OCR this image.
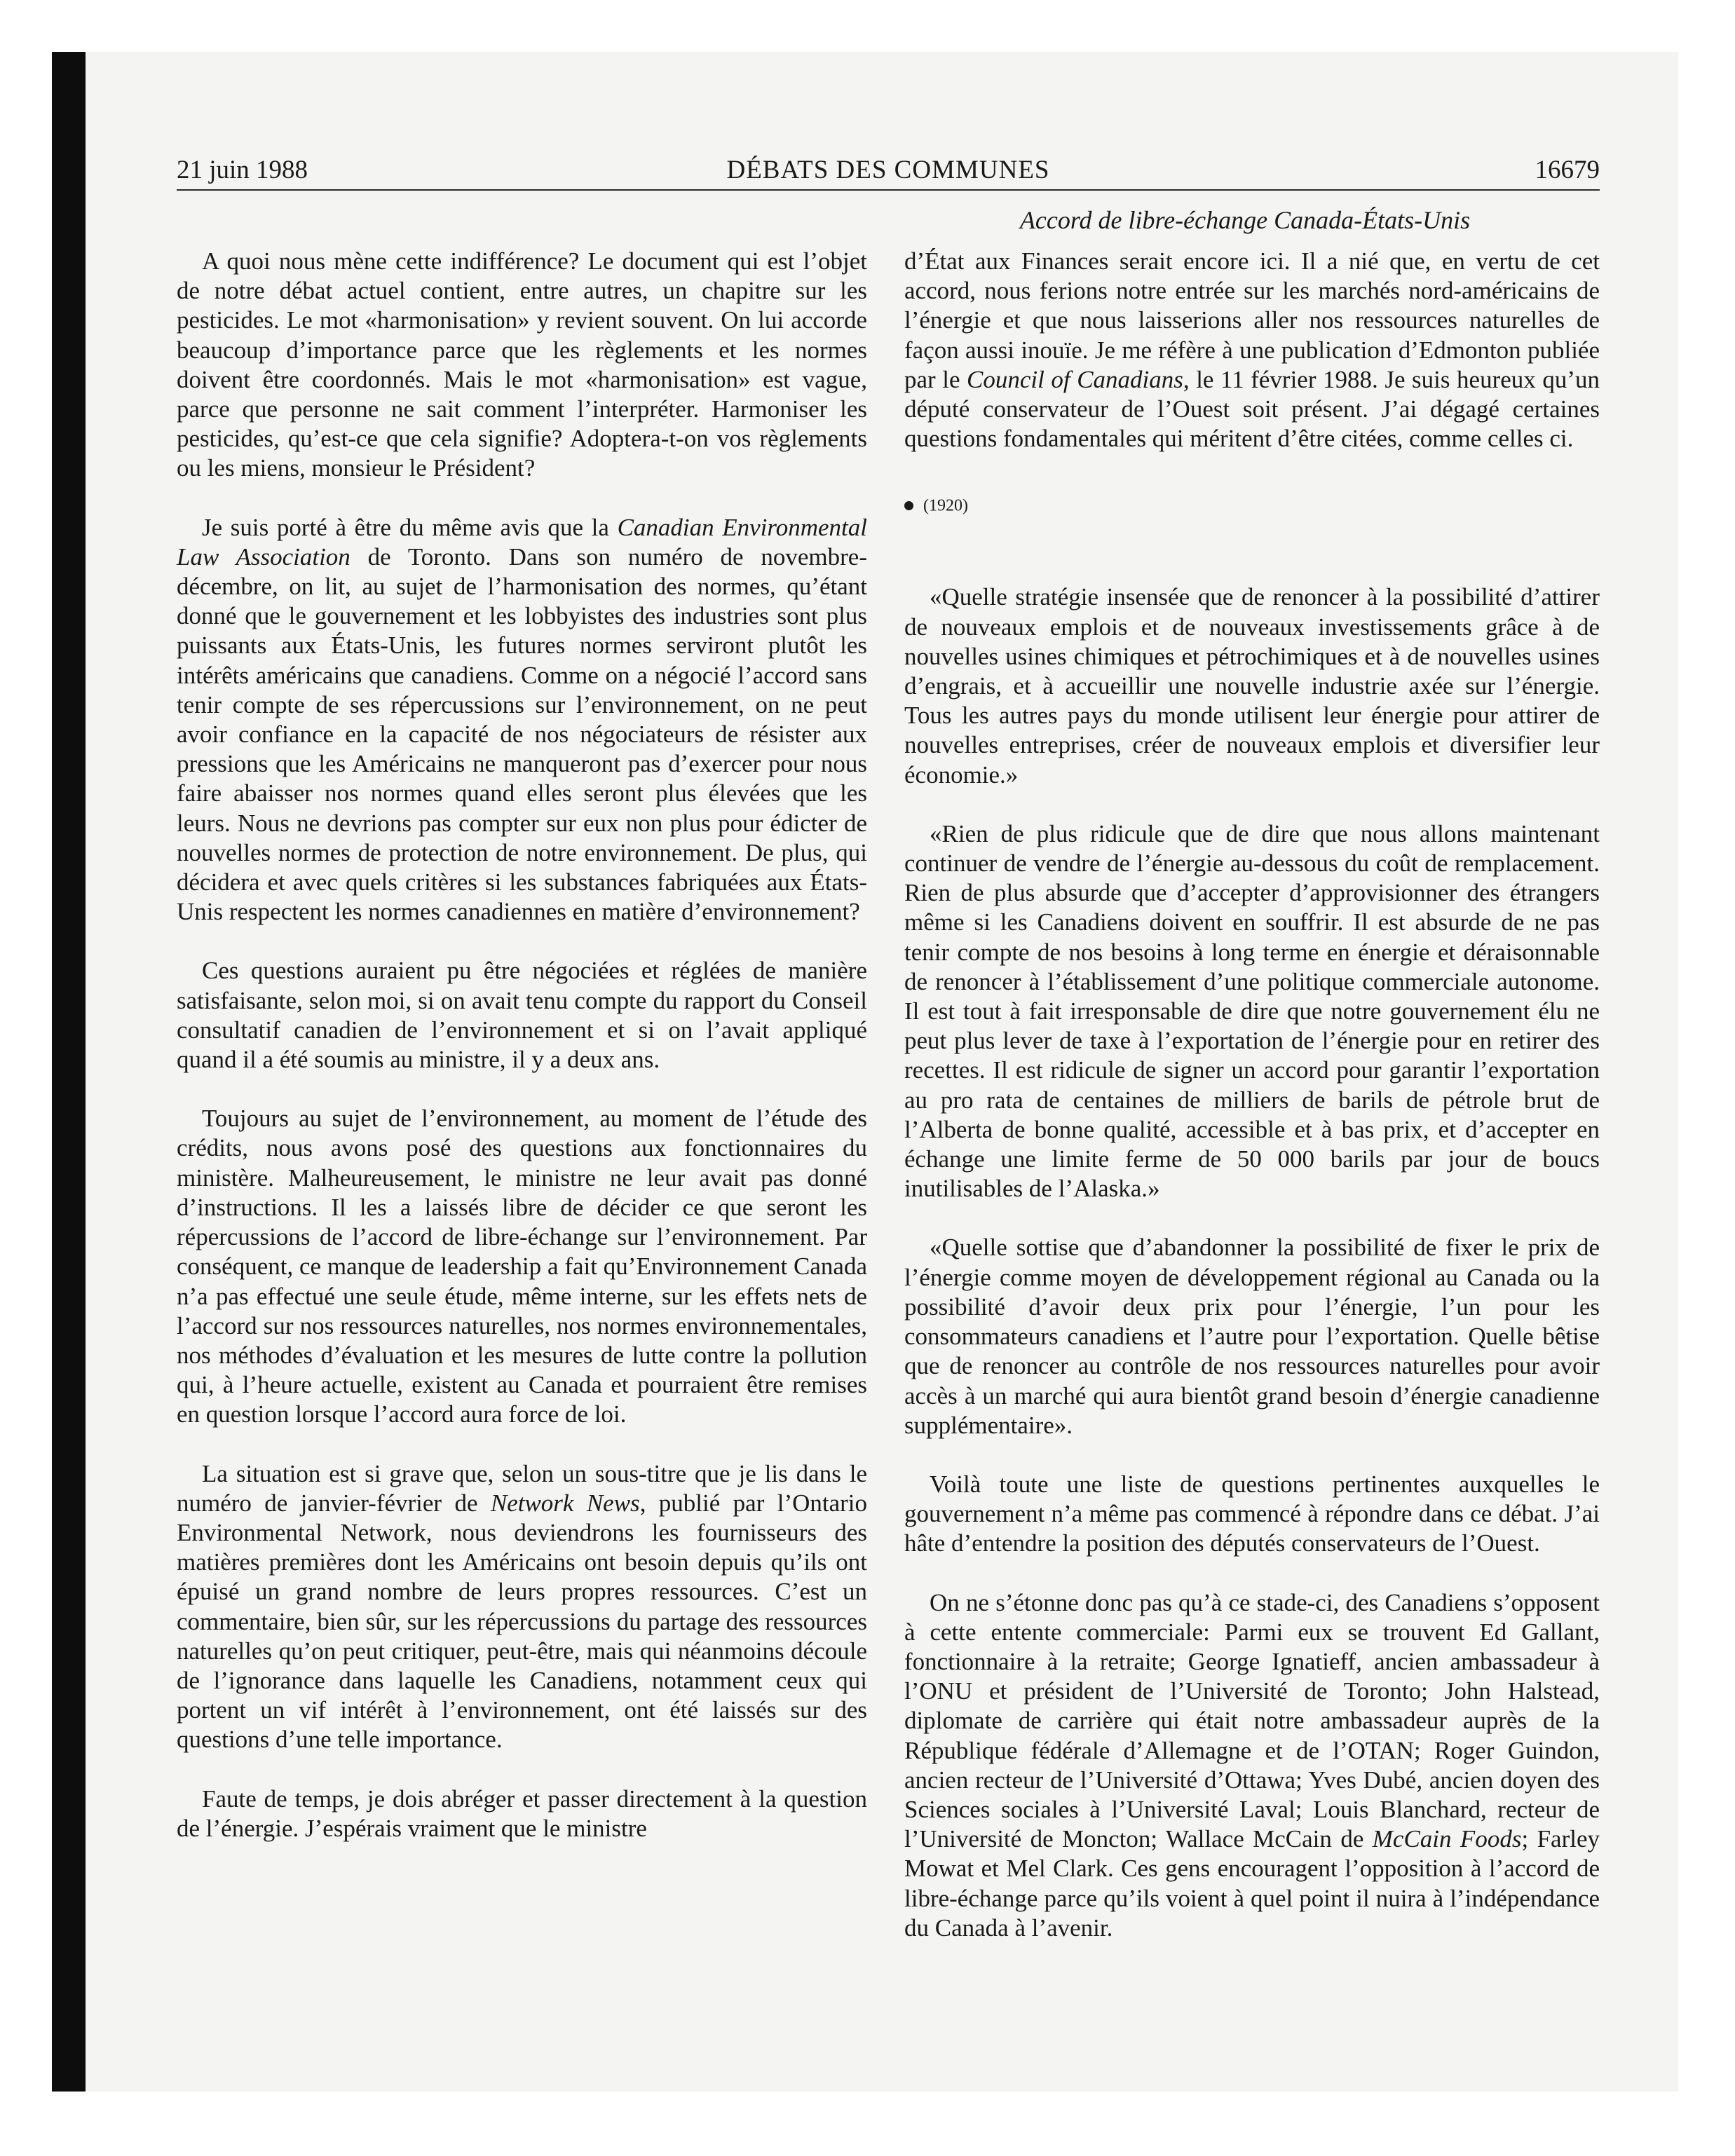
21 juin 1988	DÉBATS DES COMMUNES	16679
Accord de libre-échange Canada-États-Unis

A quoi nous mène cette indifférence? Le document qui est l’objet de notre débat actuel contient, entre autres, un chapitre sur les pesticides. Le mot «harmonisation» y revient souvent. On lui accorde beaucoup d’importance parce que les règlements et les normes doivent être coordonnés. Mais le mot «harmonisation» est vague, parce que personne ne sait comment l’interpréter. Harmoniser les pesticides, qu’est-ce que cela signifie? Adoptera-t-on vos règlements ou les miens, monsieur le Président?

Je suis porté à être du même avis que la Canadian Environmental Law Association de Toronto. Dans son numéro de novembre-décembre, on lit, au sujet de l’harmonisation des normes, qu’étant donné que le gouvernement et les lobbyistes des industries sont plus puissants aux États-Unis, les futures normes serviront plutôt les intérêts américains que canadiens. Comme on a négocié l’accord sans tenir compte de ses répercussions sur l’environnement, on ne peut avoir confiance en la capacité de nos négociateurs de résister aux pressions que les Américains ne manqueront pas d’exercer pour nous faire abaisser nos normes quand elles seront plus élevées que les leurs. Nous ne devrions pas compter sur eux non plus pour édicter de nouvelles normes de protection de notre environnement. De plus, qui décidera et avec quels critères si les substances fabriquées aux États-Unis respectent les normes canadiennes en matière d’environnement?

Ces questions auraient pu être négociées et réglées de manière satisfaisante, selon moi, si on avait tenu compte du rapport du Conseil consultatif canadien de l’environnement et si on l’avait appliqué quand il a été soumis au ministre, il y a deux ans.

Toujours au sujet de l’environnement, au moment de l’étude des crédits, nous avons posé des questions aux fonctionnaires du ministère. Malheureusement, le ministre ne leur avait pas donné d’instructions. Il les a laissés libre de décider ce que seront les répercussions de l’accord de libre-échange sur l’environnement. Par conséquent, ce manque de leadership a fait qu’Environnement Canada n’a pas effectué une seule étude, même interne, sur les effets nets de l’accord sur nos ressources naturelles, nos normes environnementales, nos méthodes d’évaluation et les mesures de lutte contre la pollution qui, à l’heure actuelle, existent au Canada et pourraient être remises en question lorsque l’accord aura force de loi.

La situation est si grave que, selon un sous-titre que je lis dans le numéro de janvier-février de Network News, publié par l’Ontario Environmental Network, nous deviendrons les fournisseurs des matières premières dont les Américains ont besoin depuis qu’ils ont épuisé un grand nombre de leurs propres ressources. C’est un commentaire, bien sûr, sur les répercussions du partage des ressources naturelles qu’on peut critiquer, peut-être, mais qui néanmoins découle de l’ignorance dans laquelle les Canadiens, notamment ceux qui portent un vif intérêt à l’environnement, ont été laissés sur des questions d’une telle importance.

Faute de temps, je dois abréger et passer directement à la question de l’énergie. J’espérais vraiment que le ministre

d’État aux Finances serait encore ici. Il a nié que, en vertu de cet accord, nous ferions notre entrée sur les marchés nord-américains de l’énergie et que nous laisserions aller nos ressources naturelles de façon aussi inouïe. Je me réfère à une publication d’Edmonton publiée par le Council of Canadians, le 11 février 1988. Je suis heureux qu’un député conservateur de l’Ouest soit présent. J’ai dégagé certaines questions fondamentales qui méritent d’être citées, comme celles ci.

(1920)

«Quelle stratégie insensée que de renoncer à la possibilité d’attirer de nouveaux emplois et de nouveaux investissements grâce à de nouvelles usines chimiques et pétrochimiques et à de nouvelles usines d’engrais, et à accueillir une nouvelle industrie axée sur l’énergie. Tous les autres pays du monde utilisent leur énergie pour attirer de nouvelles entreprises, créer de nouveaux emplois et diversifier leur économie.»

«Rien de plus ridicule que de dire que nous allons maintenant continuer de vendre de l’énergie au-dessous du coût de remplacement. Rien de plus absurde que d’accepter d’approvisionner des étrangers même si les Canadiens doivent en souffrir. Il est absurde de ne pas tenir compte de nos besoins à long terme en énergie et déraisonnable de renoncer à l’établissement d’une politique commerciale autonome. Il est tout à fait irresponsable de dire que notre gouvernement élu ne peut plus lever de taxe à l’exportation de l’énergie pour en retirer des recettes. Il est ridicule de signer un accord pour garantir l’exportation au pro rata de centaines de milliers de barils de pétrole brut de l’Alberta de bonne qualité, accessible et à bas prix, et d’accepter en échange une limite ferme de 50 000 barils par jour de boucs inutilisables de l’Alaska.»

«Quelle sottise que d’abandonner la possibilité de fixer le prix de l’énergie comme moyen de développement régional au Canada ou la possibilité d’avoir deux prix pour l’énergie, l’un pour les consommateurs canadiens et l’autre pour l’exportation. Quelle bêtise que de renoncer au contrôle de nos ressources naturelles pour avoir accès à un marché qui aura bientôt grand besoin d’énergie canadienne supplémentaire».

Voilà toute une liste de questions pertinentes auxquelles le gouvernement n’a même pas commencé à répondre dans ce débat. J’ai hâte d’entendre la position des députés conservateurs de l’Ouest.

On ne s’étonne donc pas qu’à ce stade-ci, des Canadiens s’opposent à cette entente commerciale: Parmi eux se trouvent Ed Gallant, fonctionnaire à la retraite; George Ignatieff, ancien ambassadeur à l’ONU et président de l’Université de Toronto; John Halstead, diplomate de carrière qui était notre ambassadeur auprès de la République fédérale d’Allemagne et de l’OTAN; Roger Guindon, ancien recteur de l’Université d’Ottawa; Yves Dubé, ancien doyen des Sciences sociales à l’Université Laval; Louis Blanchard, recteur de l’Université de Moncton; Wallace McCain de McCain Foods; Farley Mowat et Mel Clark. Ces gens encouragent l’opposition à l’accord de libre-échange parce qu’ils voient à quel point il nuira à l’indépendance du Canada à l’avenir.
